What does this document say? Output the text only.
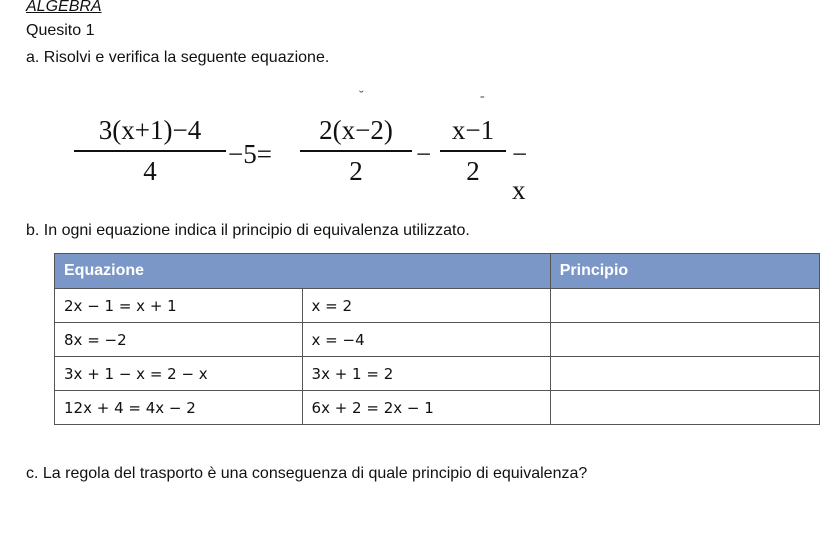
ALGEBRA
Quesito 1
a. Risolvi e verifica la seguente equazione.
˘	-
3(x+1)−4
4
−5=
2(x−2)
2
−
x−1
2
− x
b. In ogni equazione indica il principio di equivalenza utilizzato.
Equazione		Principio
2x − 1 = x + 1	x = 2	
8x = −2	x = −4	
3x + 1 − x = 2 − x	3x + 1 = 2	
12x + 4 = 4x − 2	6x + 2 = 2x − 1	
c. La regola del trasporto è una conseguenza di quale principio di equivalenza?
